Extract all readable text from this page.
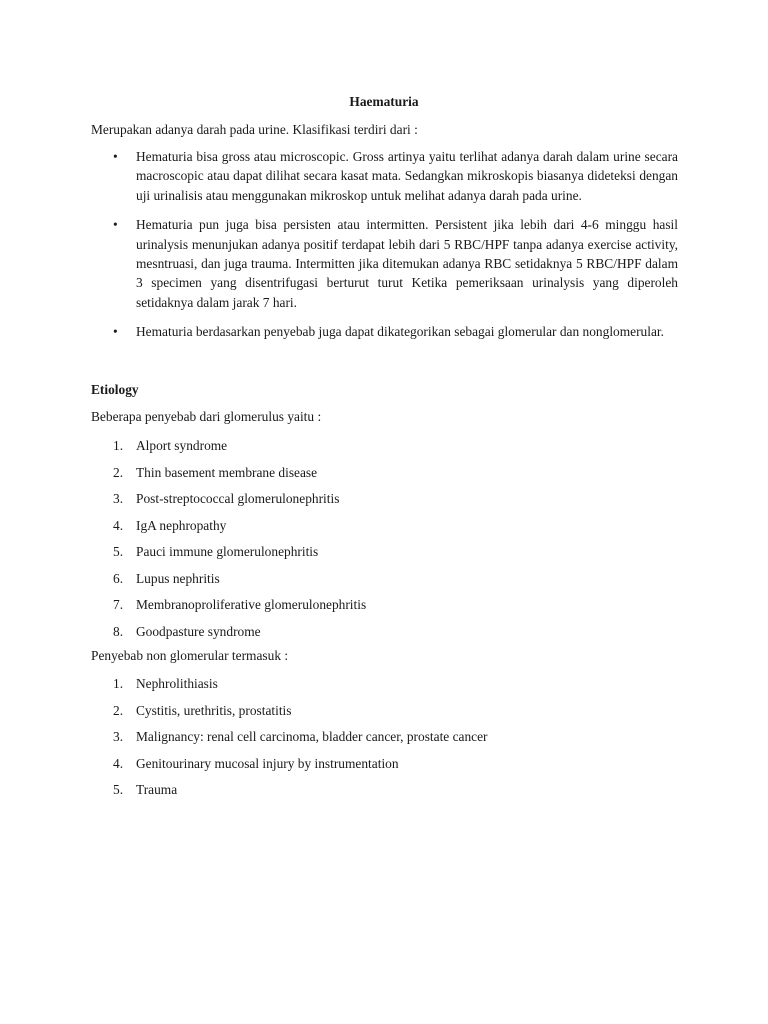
Haematuria
Merupakan adanya darah pada urine. Klasifikasi terdiri dari :
• Hematuria bisa gross atau microscopic. Gross artinya yaitu terlihat adanya darah dalam urine secara macroscopic atau dapat dilihat secara kasat mata. Sedangkan mikroskopis biasanya dideteksi dengan uji urinalisis atau menggunakan mikroskop untuk melihat adanya darah pada urine.
• Hematuria pun juga bisa persisten atau intermitten. Persistent jika lebih dari 4-6 minggu hasil urinalysis menunjukan adanya positif terdapat lebih dari 5 RBC/HPF tanpa adanya exercise activity, mesntruasi, dan juga trauma. Intermitten jika ditemukan adanya RBC setidaknya 5 RBC/HPF dalam 3 specimen yang disentrifugasi berturut turut Ketika pemeriksaan urinalysis yang diperoleh setidaknya dalam jarak 7 hari.
• Hematuria berdasarkan penyebab juga dapat dikategorikan sebagai glomerular dan nonglomerular.
Etiology
Beberapa penyebab dari glomerulus yaitu :
1. Alport syndrome
2. Thin basement membrane disease
3. Post-streptococcal glomerulonephritis
4. IgA nephropathy
5. Pauci immune glomerulonephritis
6. Lupus nephritis
7. Membranoproliferative glomerulonephritis
8. Goodpasture syndrome
Penyebab non glomerular termasuk :
1. Nephrolithiasis
2. Cystitis, urethritis, prostatitis
3. Malignancy: renal cell carcinoma, bladder cancer, prostate cancer
4. Genitourinary mucosal injury by instrumentation
5. Trauma
